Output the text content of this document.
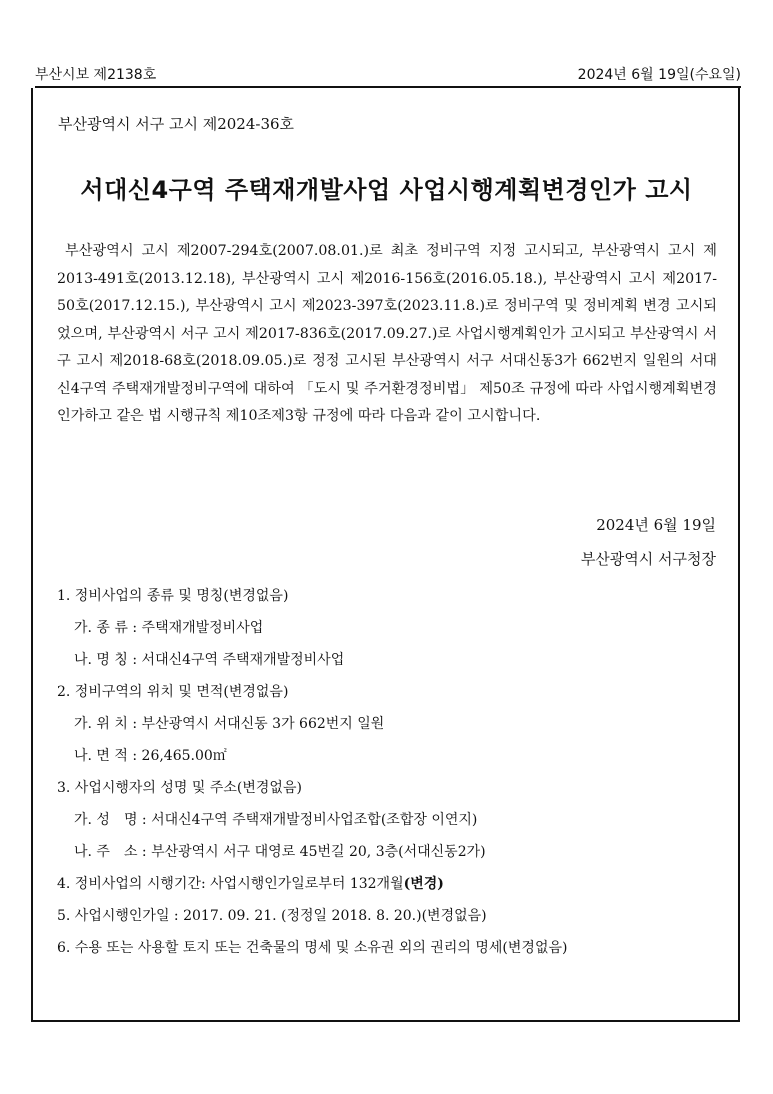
부산시보 제2138호	2024년 6월 19일(수요일)
부산광역시 서구 고시 제2024-36호
서대신4구역 주택재개발사업 사업시행계획변경인가 고시

부산광역시 고시 제2007-294호(2007.08.01.)로 최초 정비구역 지정 고시되고, 부산광역시 고시 제2013-491호(2013.12.18), 부산광역시 고시 제2016-156호(2016.05.18.), 부산광역시 고시 제2017-50호(2017.12.15.), 부산광역시 고시 제2023-397호(2023.11.8.)로 정비구역 및 정비계획 변경 고시되었으며, 부산광역시 서구 고시 제2017-836호(2017.09.27.)로 사업시행계획인가 고시되고 부산광역시 서구 고시 제2018-68호(2018.09.05.)로 정정 고시된 부산광역시 서구 서대신동3가 662번지 일원의 서대신4구역 주택재개발정비구역에 대하여 「도시 및 주거환경정비법」 제50조 규정에 따라 사업시행계획변경인가하고 같은 법 시행규칙 제10조제3항 규정에 따라 다음과 같이 고시합니다.

2024년 6월 19일
부산광역시 서구청장
1. 정비사업의 종류 및 명칭(변경없음)
가. 종 류 : 주택재개발정비사업
나. 명 칭 : 서대신4구역 주택재개발정비사업
2. 정비구역의 위치 및 면적(변경없음)
가. 위 치 : 부산광역시 서대신동 3가 662번지 일원
나. 면 적 : 26,465.00㎡
3. 사업시행자의 성명 및 주소(변경없음)
가. 성　명 : 서대신4구역 주택재개발정비사업조합(조합장 이연지)
나. 주　소 : 부산광역시 서구 대영로 45번길 20, 3층(서대신동2가)
4. 정비사업의 시행기간: 사업시행인가일로부터 132개월(변경)
5. 사업시행인가일 : 2017. 09. 21. (정정일 2018. 8. 20.)(변경없음)
6. 수용 또는 사용할 토지 또는 건축물의 명세 및 소유권 외의 권리의 명세(변경없음)
